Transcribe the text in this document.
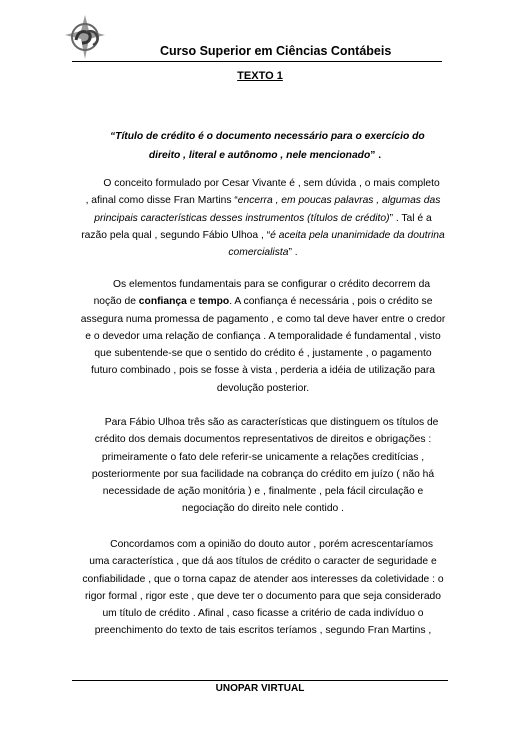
Curso Superior em Ciências Contábeis
TEXTO 1
“Título de crédito é o documento necessário para o exercício do
direito , literal e autônomo , nele mencionado” .
O conceito formulado por Cesar Vivante é , sem dúvida , o mais completo
, afinal como disse Fran Martins “encerra , em poucas palavras , algumas das
principais características desses instrumentos (títulos de crédito)” . Tal é a
razão pela qual , segundo Fábio Ulhoa , “é aceita pela unanimidade da doutrina
comercialista” .
Os elementos fundamentais para se configurar o crédito decorrem da
noção de confiança e tempo. A confiança é necessária , pois o crédito se
assegura numa promessa de pagamento , e como tal deve haver entre o credor
e o devedor uma relação de confiança . A temporalidade é fundamental , visto
que subentende-se que o sentido do crédito é , justamente , o pagamento
futuro combinado , pois se fosse à vista , perderia a idéia de utilização para
devolução posterior.
Para Fábio Ulhoa três são as características que distinguem os títulos de
crédito dos demais documentos representativos de direitos e obrigações :
primeiramente o fato dele referir-se unicamente a relações creditícias ,
posteriormente por sua facilidade na cobrança do crédito em juízo ( não há
necessidade de ação monitória ) e , finalmente , pela fácil circulação e
negociação do direito nele contido .
Concordamos com a opinião do douto autor , porém acrescentaríamos
uma característica , que dá aos títulos de crédito o caracter de seguridade e
confiabilidade , que o torna capaz de atender aos interesses da coletividade : o
rigor formal , rigor este , que deve ter o documento para que seja considerado
um título de crédito . Afinal , caso ficasse a critério de cada indivíduo o
preenchimento do texto de tais escritos teríamos , segundo Fran Martins ,
UNOPAR VIRTUAL
